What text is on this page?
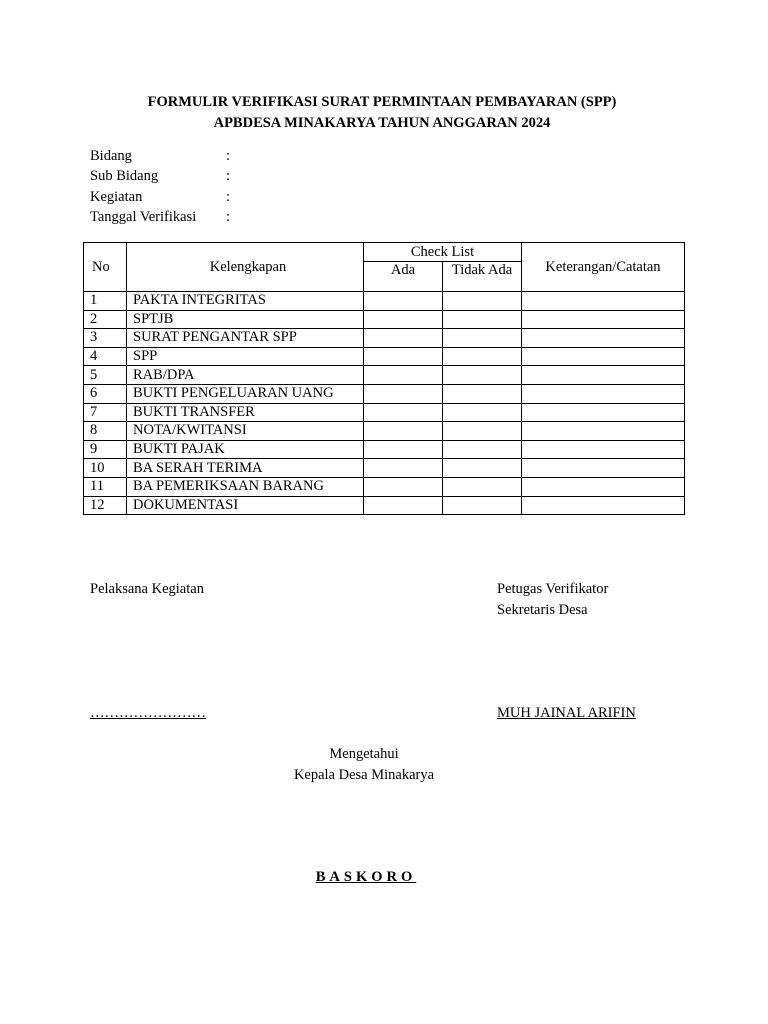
FORMULIR VERIFIKASI SURAT PERMINTAAN PEMBAYARAN (SPP)
APBDESA MINAKARYA TAHUN ANGGARAN 2024
Bidang	:
Sub Bidang	:
Kegiatan	:
Tanggal Verifikasi :
No	Kelengkapan	Check List		Keterangan/Catatan
		Ada	Tidak Ada	
1	PAKTA INTEGRITAS			
2	SPTJB			
3	SURAT PENGANTAR SPP			
4	SPP			
5	RAB/DPA			
6	BUKTI PENGELUARAN UANG			
7	BUKTI TRANSFER			
8	NOTA/KWITANSI			
9	BUKTI PAJAK			
10	BA SERAH TERIMA			
11	BA PEMERIKSAAN BARANG			
12	DOKUMENTASI			
Pelaksana Kegiatan	Petugas Verifikator
Sekretaris Desa
……………………	MUH JAINAL ARIFIN
Mengetahui
Kepala Desa Minakarya
BASKORO
